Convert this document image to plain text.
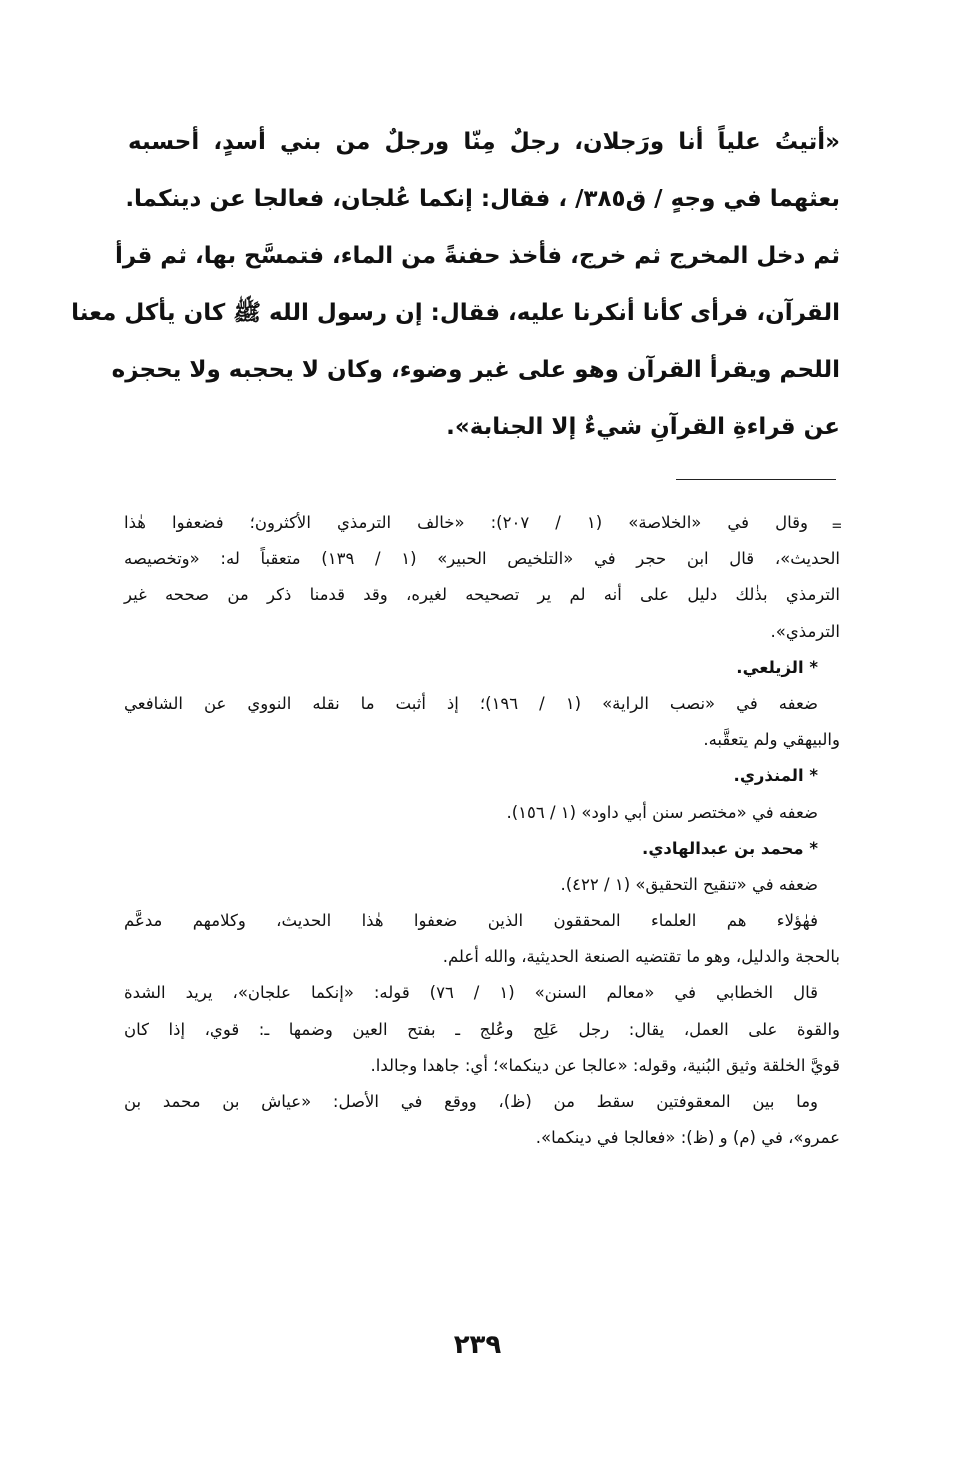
«أتيتُ علياً أنا ورَجلان، رجلٌ مِنّا ورجلٌ من بني أسدٍ، أحسبه
بعثهما في وجهٍ / ق٣٨٥/ ، فقال: إنكما عُلجان، فعالجا عن دينكما.
ثم دخل المخرج ثم خرج، فأخذ حفنةً من الماء، فتمسَّح بها، ثم قرأ
القرآن، فرأى كأنا أنكرنا عليه، فقال: إن رسول الله ﷺ كان يأكل معنا
اللحم ويقرأ القرآن وهو على غير وضوء، وكان لا يحجبه ولا يحجزه
عن قراءةِ القرآنِ شيءٌ إلا الجنابة».
=
وقال في «الخلاصة» (١ / ٢٠٧): «خالف الترمذي الأكثرون؛ فضعفوا هٰذا
الحديث»، قال ابن حجر في «التلخيص الحبير» (١ / ١٣٩) متعقباً له: «وتخصيصه
الترمذي بذٰلك دليل على أنه لم ير تصحيحه لغيره، وقد قدمنا ذكر من صححه غير
الترمذي».
* الزيلعي.
ضعفه في «نصب الراية» (١ / ١٩٦)؛ إذ أثبت ما نقله النووي عن الشافعي
والبيهقي ولم يتعقَّبه.
* المنذري.
ضعفه في «مختصر سنن أبي داود» (١ / ١٥٦).
* محمد بن عبدالهادي.
ضعفه في «تنقيح التحقيق» (١ / ٤٢٢).
فهٰؤلاء هم العلماء المحققون الذين ضعفوا هٰذا الحديث، وكلامهم مدعَّم
بالحجة والدليل، وهو ما تقتضيه الصنعة الحديثية، والله أعلم.
قال الخطابي في «معالم السنن» (١ / ٧٦) قوله: «إنكما علجان»، يريد الشدة
والقوة على العمل، يقال: رجل عَلِج وعُلج ـ بفتح العين وضمها ـ: قوي، إذا كان
قويَّ الخلقة وثيق البُنية، وقوله: «عالجا عن دينكما»؛ أي: جاهدا وجالدا.
وما بين المعقوفتين سقط من (ظ)، ووقع في الأصل: «عياش بن محمد بن
عمرو»، في (م) و (ظ): «فعالجا في دينكما».
٢٣٩
